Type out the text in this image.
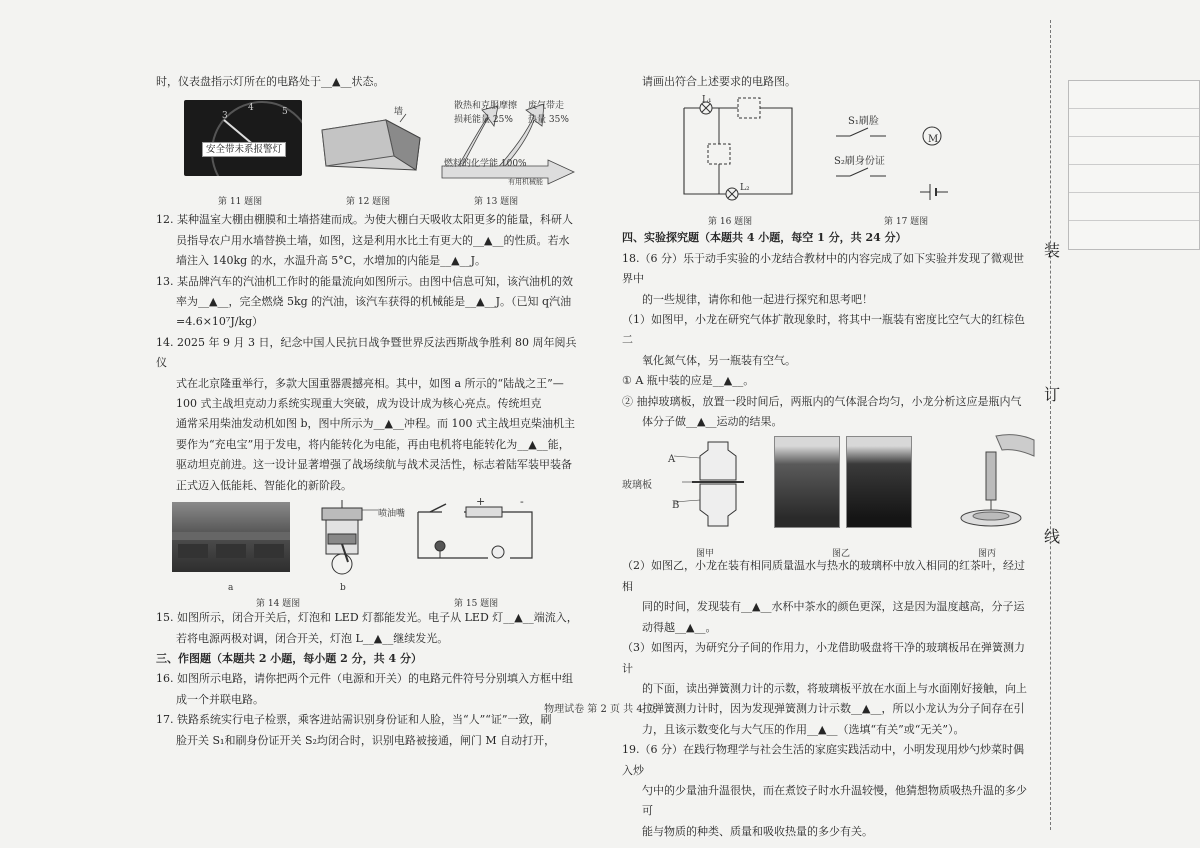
时，仪表盘指示灯所在的电路处于__▲__状态。
3
4	5
安全带未系报警灯
墙
散热和克服摩擦
损耗能量 25%
废气带走
热量 35%
燃料的化学能 100%
有用机械能
第 11 题图	第 12 题图	第 13 题图
12. 某种温室大棚由棚膜和土墙搭建而成。为使大棚白天吸收太阳更多的能量，科研人
员指导农户用水墙替换土墙，如图，这是利用水比土有更大的__▲__的性质。若水
墙注入 140kg 的水，水温升高 5°C，水增加的内能是__▲__J。
13. 某品牌汽车的汽油机工作时的能量流向如图所示。由图中信息可知，该汽油机的效
率为__▲__，完全燃烧 5kg 的汽油，该汽车获得的机械能是__▲__J。（已知 q汽油
=4.6×10⁷J/kg）
14. 2025 年 9 月 3 日，纪念中国人民抗日战争暨世界反法西斯战争胜利 80 周年阅兵仪
式在北京隆重举行，多款大国重器震撼亮相。其中，如图 a 所示的“陆战之王”—
100 式主战坦克动力系统实现重大突破，成为设计成为核心亮点。传统坦克
通常采用柴油发动机如图 b，图中所示为__▲__冲程。而 100 式主战坦克柴油机主
要作为“充电宝”用于发电，将内能转化为电能，再由电机将电能转化为__▲__能，
驱动坦克前进。这一设计显著增强了战场续航与战术灵活性，标志着陆军装甲装备
正式迈入低能耗、智能化的新阶段。
喷油嘴
+	-
a	b
第 14 题图	第 15 题图
15. 如图所示，闭合开关后，灯泡和 LED 灯都能发光。电子从 LED 灯__▲__端流入，
若将电源两极对调，闭合开关，灯泡 L__▲__继续发光。
三、作图题（本题共 2 小题，每小题 2 分，共 4 分）
16. 如图所示电路，请你把两个元件（电源和开关）的电路元件符号分别填入方框中组
成一个并联电路。
17. 铁路系统实行电子检票，乘客进站需识别身份证和人脸，当“人”“证”一致，刷
脸开关 S₁和刷身份证开关 S₂均闭合时，识别电路被接通，闸门 M 自动打开，
请画出符合上述要求的电路图。
L₁
L₂
第 16 题图
S₁刷脸
M
S₂刷身份证
第 17 题图
四、实验探究题（本题共 4 小题，每空 1 分，共 24 分）
18.（6 分）乐于动手实验的小龙结合教材中的内容完成了如下实验并发现了微观世界中
的一些规律，请你和他一起进行探究和思考吧！
（1）如图甲，小龙在研究气体扩散现象时，将其中一瓶装有密度比空气大的红棕色二
氧化氮气体，另一瓶装有空气。
① A 瓶中装的应是__▲__。
② 抽掉玻璃板，放置一段时间后，两瓶内的气体混合均匀，小龙分析这应是瓶内气
体分子做__▲__运动的结果。
A
玻璃板
B
图甲	图乙	图丙
（2）如图乙，小龙在装有相同质量温水与热水的玻璃杯中放入相同的红茶叶，经过相
同的时间，发现装有__▲__水杯中茶水的颜色更深，这是因为温度越高，分子运
动得越__▲__。
（3）如图丙，为研究分子间的作用力，小龙借助吸盘将干净的玻璃板吊在弹簧测力计
的下面，读出弹簧测力计的示数，将玻璃板平放在水面上与水面刚好接触，向上
拉弹簧测力计时，因为发现弹簧测力计示数__▲__，所以小龙认为分子间存在引
力，且该示数变化与大气压的作用__▲__（选填“有关”或“无关”）。
19.（6 分）在践行物理学与社会生活的家庭实践活动中，小明发现用炒勺炒菜时偶入炒
勺中的少量油升温很快，而在煮饺子时水升温较慢，他猜想物质吸热升温的多少可
能与物质的种类、质量和吸收热量的多少有关。
物理试卷 第 2 页 共 4 页
装
订
线
